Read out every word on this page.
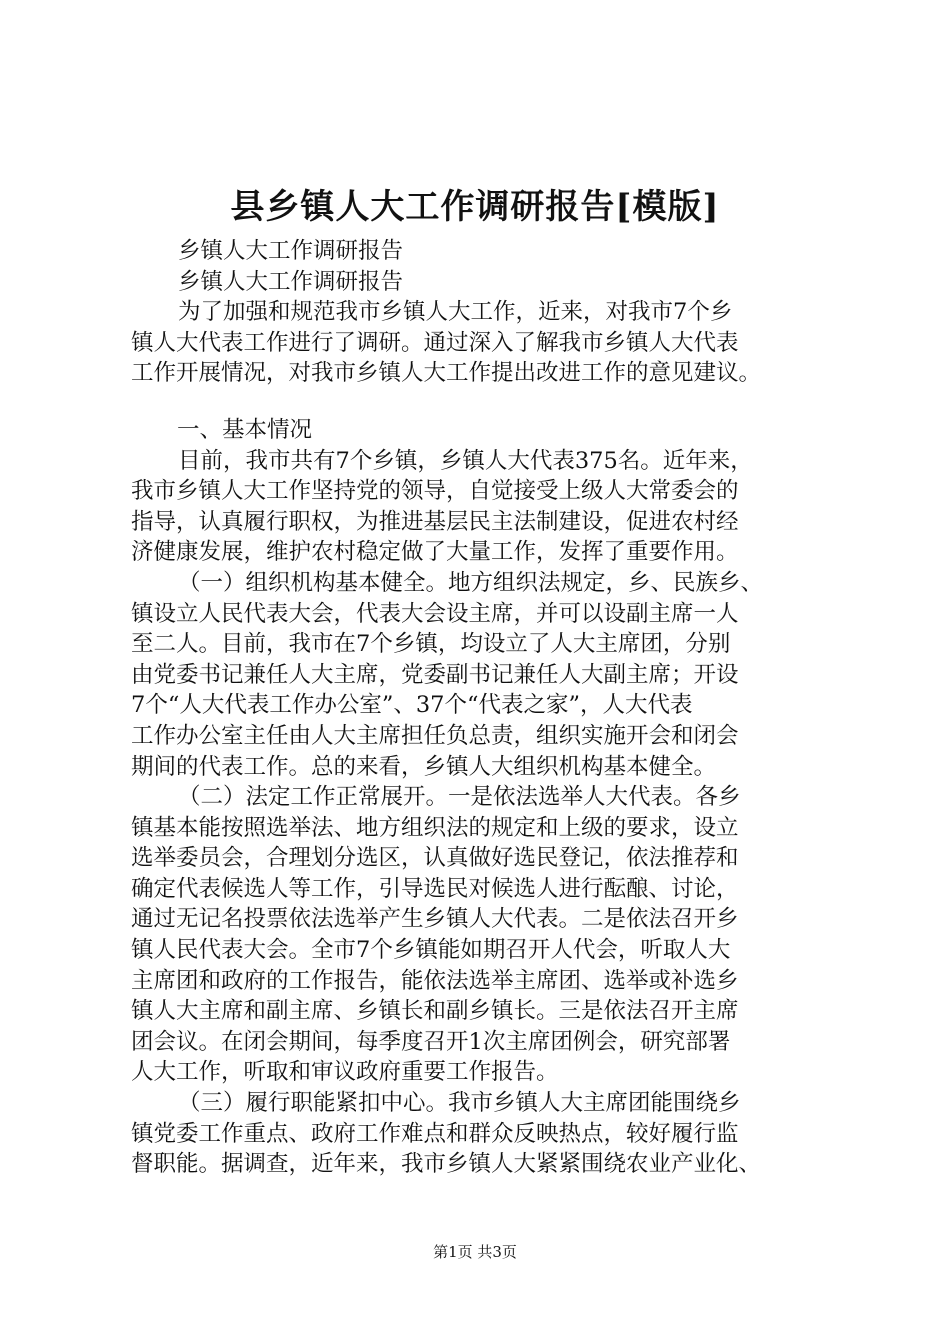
县乡镇人大工作调研报告[模版]
乡镇人大工作调研报告
乡镇人大工作调研报告
为了加强和规范我市乡镇人大工作，近来，对我市7个乡
镇人大代表工作进行了调研。通过深入了解我市乡镇人大代表
工作开展情况，对我市乡镇人大工作提出改进工作的意见建议。
一、基本情况
目前，我市共有7个乡镇，乡镇人大代表375名。近年来，
我市乡镇人大工作坚持党的领导，自觉接受上级人大常委会的
指导，认真履行职权，为推进基层民主法制建设，促进农村经
济健康发展，维护农村稳定做了大量工作，发挥了重要作用。
（一）组织机构基本健全。地方组织法规定，乡、民族乡、
镇设立人民代表大会，代表大会设主席，并可以设副主席一人
至二人。目前，我市在7个乡镇，均设立了人大主席团，分别
由党委书记兼任人大主席，党委副书记兼任人大副主席；开设
7个“人大代表工作办公室”、37个“代表之家”，人大代表
工作办公室主任由人大主席担任负总责，组织实施开会和闭会
期间的代表工作。总的来看，乡镇人大组织机构基本健全。
（二）法定工作正常展开。一是依法选举人大代表。各乡
镇基本能按照选举法、地方组织法的规定和上级的要求，设立
选举委员会，合理划分选区，认真做好选民登记，依法推荐和
确定代表候选人等工作，引导选民对候选人进行酝酿、讨论，
通过无记名投票依法选举产生乡镇人大代表。二是依法召开乡
镇人民代表大会。全市7个乡镇能如期召开人代会，听取人大
主席团和政府的工作报告，能依法选举主席团、选举或补选乡
镇人大主席和副主席、乡镇长和副乡镇长。三是依法召开主席
团会议。在闭会期间，每季度召开1次主席团例会，研究部署
人大工作，听取和审议政府重要工作报告。
（三）履行职能紧扣中心。我市乡镇人大主席团能围绕乡
镇党委工作重点、政府工作难点和群众反映热点，较好履行监
督职能。据调查，近年来，我市乡镇人大紧紧围绕农业产业化、
第1页 共3页
